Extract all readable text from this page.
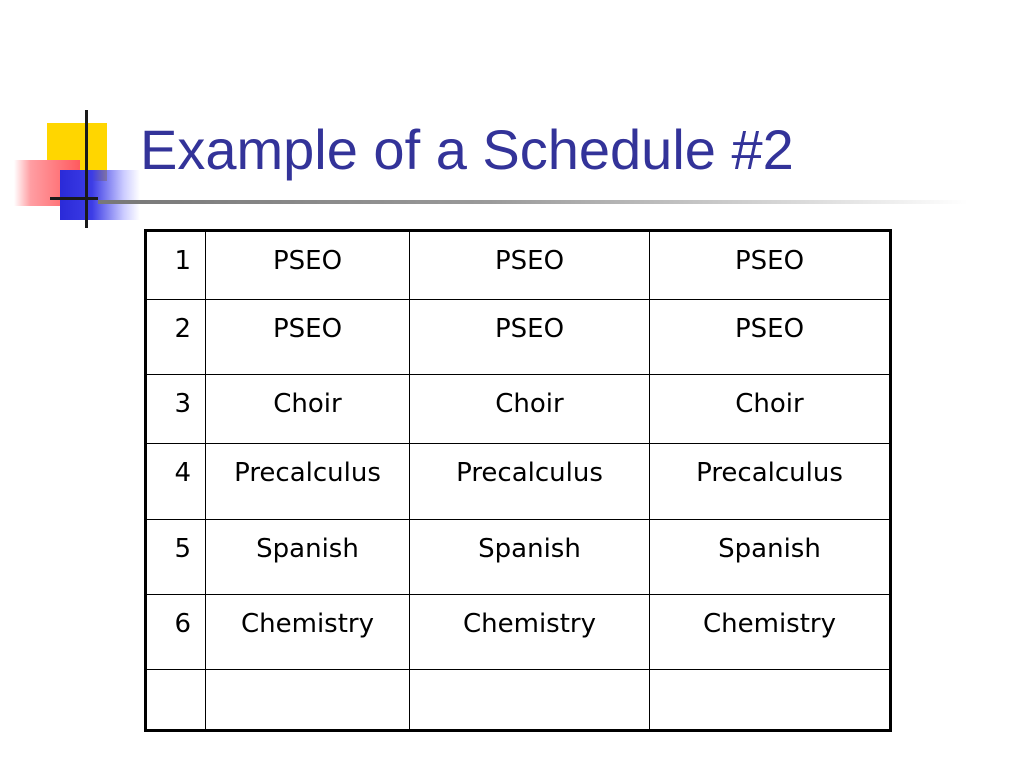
Example of a Schedule #2
1	PSEO	PSEO	PSEO
2	PSEO	PSEO	PSEO
3	Choir	Choir	Choir
4	Precalculus	Precalculus	Precalculus
5	Spanish	Spanish	Spanish
6	Chemistry	Chemistry	Chemistry
